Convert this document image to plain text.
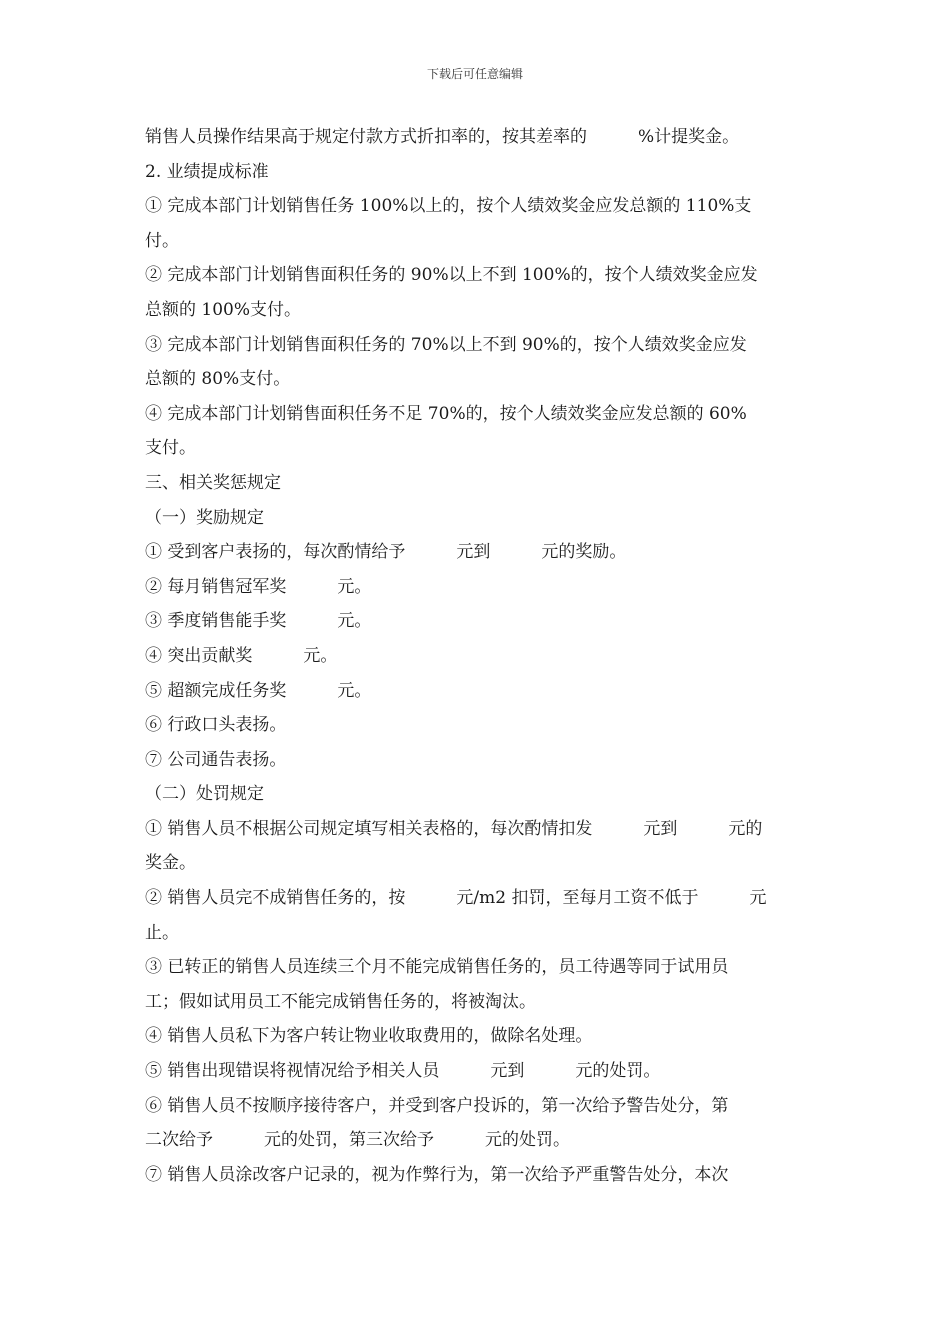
下载后可任意编辑
销售人员操作结果高于规定付款方式折扣率的，按其差率的　　　%计提奖金。
2. 业绩提成标准
① 完成本部门计划销售任务 100%以上的，按个人绩效奖金应发总额的 110%支
付。
② 完成本部门计划销售面积任务的 90%以上不到 100%的，按个人绩效奖金应发
总额的 100%支付。
③ 完成本部门计划销售面积任务的 70%以上不到 90%的，按个人绩效奖金应发
总额的 80%支付。
④ 完成本部门计划销售面积任务不足 70%的，按个人绩效奖金应发总额的 60%
支付。
三、相关奖惩规定
（一）奖励规定
① 受到客户表扬的，每次酌情给予　　　元到　　　元的奖励。
② 每月销售冠军奖　　　元。
③ 季度销售能手奖　　　元。
④ 突出贡献奖　　　元。
⑤ 超额完成任务奖　　　元。
⑥ 行政口头表扬。
⑦ 公司通告表扬。
（二）处罚规定
① 销售人员不根据公司规定填写相关表格的，每次酌情扣发　　　元到　　　元的
奖金。
② 销售人员完不成销售任务的，按　　　元/m2 扣罚，至每月工资不低于　　　元
止。
③ 已转正的销售人员连续三个月不能完成销售任务的，员工待遇等同于试用员
工；假如试用员工不能完成销售任务的，将被淘汰。
④ 销售人员私下为客户转让物业收取费用的，做除名处理。
⑤ 销售出现错误将视情况给予相关人员　　　元到　　　元的处罚。
⑥ 销售人员不按顺序接待客户，并受到客户投诉的，第一次给予警告处分，第
二次给予　　　元的处罚，第三次给予　　　元的处罚。
⑦ 销售人员涂改客户记录的，视为作弊行为，第一次给予严重警告处分，本次
